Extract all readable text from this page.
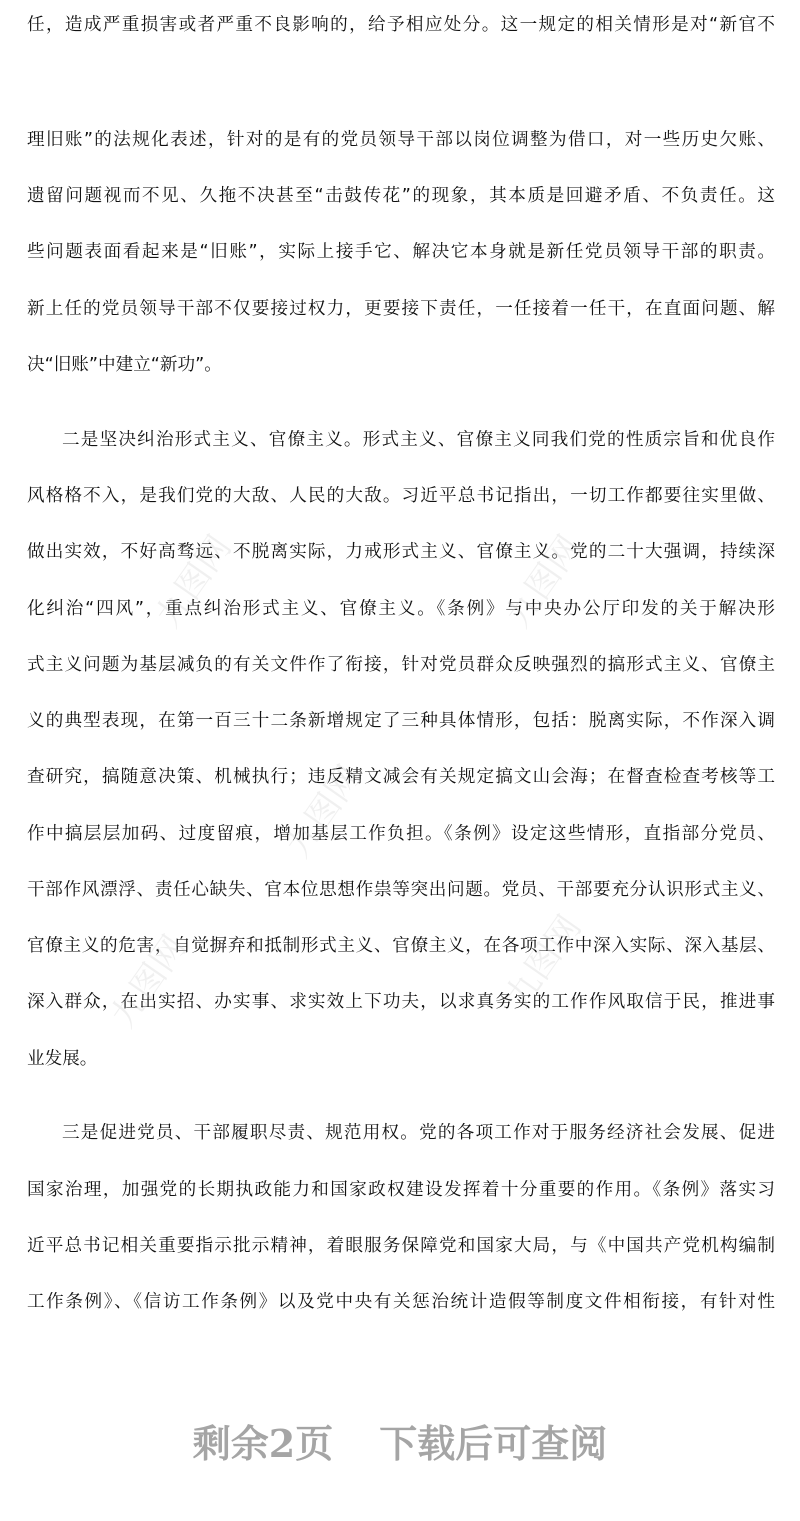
任，造成严重损害或者严重不良影响的，给予相应处分。这一规定的相关情形是对“新官不
理旧账”的法规化表述，针对的是有的党员领导干部以岗位调整为借口，对一些历史欠账、
遗留问题视而不见、久拖不决甚至“击鼓传花”的现象，其本质是回避矛盾、不负责任。这
些问题表面看起来是“旧账”，实际上接手它、解决它本身就是新任党员领导干部的职责。
新上任的党员领导干部不仅要接过权力，更要接下责任，一任接着一任干，在直面问题、解
决“旧账”中建立“新功”。
二是坚决纠治形式主义、官僚主义。形式主义、官僚主义同我们党的性质宗旨和优良作
风格格不入，是我们党的大敌、人民的大敌。习近平总书记指出，一切工作都要往实里做、
做出实效，不好高骛远、不脱离实际，力戒形式主义、官僚主义。党的二十大强调，持续深
化纠治“四风”，重点纠治形式主义、官僚主义。《条例》与中央办公厅印发的关于解决形
式主义问题为基层减负的有关文件作了衔接，针对党员群众反映强烈的搞形式主义、官僚主
义的典型表现，在第一百三十二条新增规定了三种具体情形，包括：脱离实际，不作深入调
查研究，搞随意决策、机械执行；违反精文减会有关规定搞文山会海；在督查检查考核等工
作中搞层层加码、过度留痕，增加基层工作负担。《条例》设定这些情形，直指部分党员、
干部作风漂浮、责任心缺失、官本位思想作祟等突出问题。党员、干部要充分认识形式主义、
官僚主义的危害，自觉摒弃和抵制形式主义、官僚主义，在各项工作中深入实际、深入基层、
深入群众，在出实招、办实事、求实效上下功夫，以求真务实的工作作风取信于民，推进事
业发展。
三是促进党员、干部履职尽责、规范用权。党的各项工作对于服务经济社会发展、促进
国家治理，加强党的长期执政能力和国家政权建设发挥着十分重要的作用。《条例》落实习
近平总书记相关重要指示批示精神，着眼服务保障党和国家大局，与《中国共产党机构编制
工作条例》、《信访工作条例》以及党中央有关惩治统计造假等制度文件相衔接，有针对性
九图网	九图网
九图网
九图网	九图网
剩余2页 下载后可查阅
